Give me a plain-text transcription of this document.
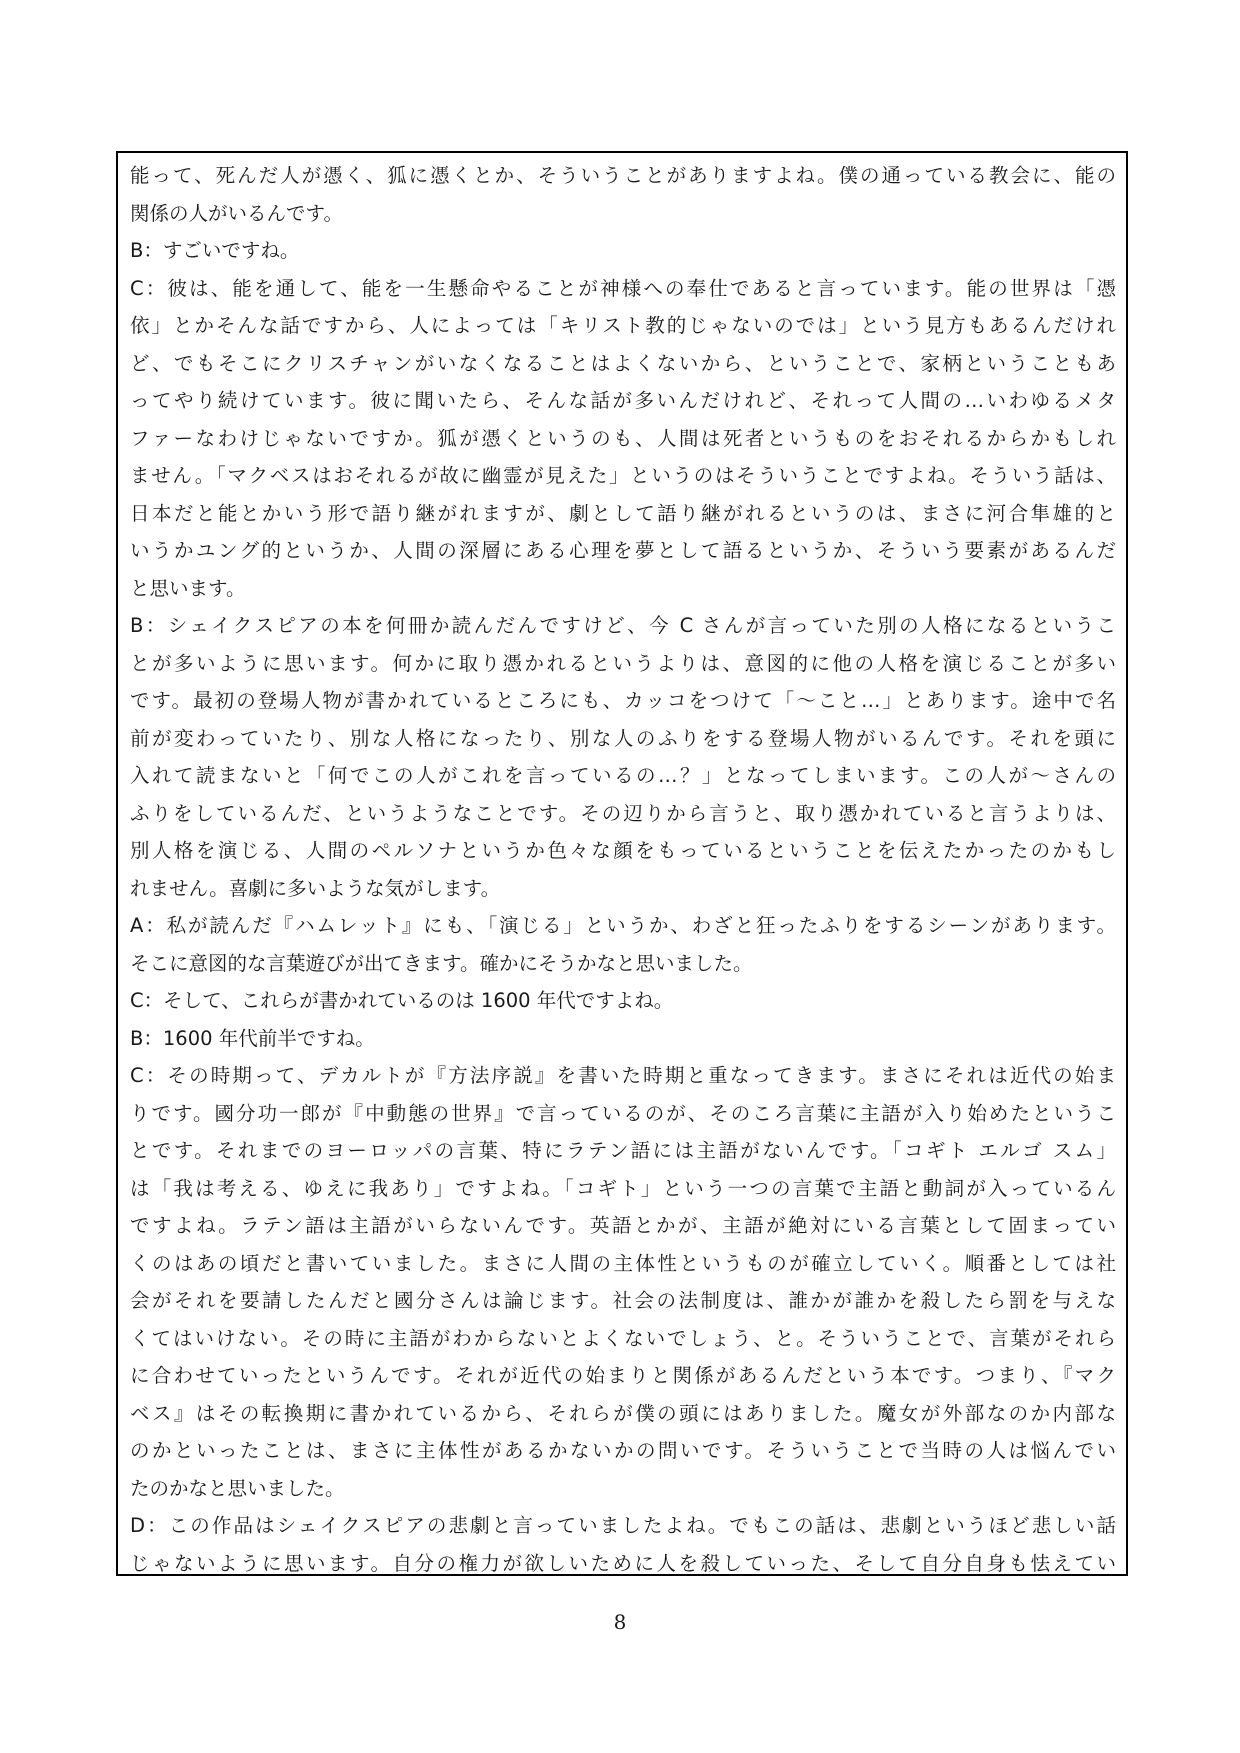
能って、死んだ人が憑く、狐に憑くとか、そういうことがありますよね。僕の通っている教会に、能の
関係の人がいるんです。
B：すごいですね。
C：彼は、能を通して、能を一生懸命やることが神様への奉仕であると言っています。能の世界は「憑
依」とかそんな話ですから、人によっては「キリスト教的じゃないのでは」という見方もあるんだけれ
ど、でもそこにクリスチャンがいなくなることはよくないから、ということで、家柄ということもあ
ってやり続けています。彼に聞いたら、そんな話が多いんだけれど、それって人間の…いわゆるメタ
ファーなわけじゃないですか。狐が憑くというのも、人間は死者というものをおそれるからかもしれ
ません。「マクベスはおそれるが故に幽霊が見えた」というのはそういうことですよね。そういう話は、
日本だと能とかいう形で語り継がれますが、劇として語り継がれるというのは、まさに河合隼雄的と
いうかユング的というか、人間の深層にある心理を夢として語るというか、そういう要素があるんだ
と思います。
B：シェイクスピアの本を何冊か読んだんですけど、今 C さんが言っていた別の人格になるというこ
とが多いように思います。何かに取り憑かれるというよりは、意図的に他の人格を演じることが多い
です。最初の登場人物が書かれているところにも、カッコをつけて「〜こと…」とあります。途中で名
前が変わっていたり、別な人格になったり、別な人のふりをする登場人物がいるんです。それを頭に
入れて読まないと「何でこの人がこれを言っているの…？」となってしまいます。この人が〜さんの
ふりをしているんだ、というようなことです。その辺りから言うと、取り憑かれていると言うよりは、
別人格を演じる、人間のペルソナというか色々な顔をもっているということを伝えたかったのかもし
れません。喜劇に多いような気がします。
A：私が読んだ『ハムレット』にも、「演じる」というか、わざと狂ったふりをするシーンがあります。
そこに意図的な言葉遊びが出てきます。確かにそうかなと思いました。
C：そして、これらが書かれているのは 1600 年代ですよね。
B：1600 年代前半ですね。
C：その時期って、デカルトが『方法序説』を書いた時期と重なってきます。まさにそれは近代の始ま
りです。國分功一郎が『中動態の世界』で言っているのが、そのころ言葉に主語が入り始めたというこ
とです。それまでのヨーロッパの言葉、特にラテン語には主語がないんです。「コギト エルゴ スム」
は「我は考える、ゆえに我あり」ですよね。「コギト」という一つの言葉で主語と動詞が入っているん
ですよね。ラテン語は主語がいらないんです。英語とかが、主語が絶対にいる言葉として固まってい
くのはあの頃だと書いていました。まさに人間の主体性というものが確立していく。順番としては社
会がそれを要請したんだと國分さんは論じます。社会の法制度は、誰かが誰かを殺したら罰を与えな
くてはいけない。その時に主語がわからないとよくないでしょう、と。そういうことで、言葉がそれら
に合わせていったというんです。それが近代の始まりと関係があるんだという本です。つまり、『マク
ベス』はその転換期に書かれているから、それらが僕の頭にはありました。魔女が外部なのか内部な
のかといったことは、まさに主体性があるかないかの問いです。そういうことで当時の人は悩んでい
たのかなと思いました。
D：この作品はシェイクスピアの悲劇と言っていましたよね。でもこの話は、悲劇というほど悲しい話
じゃないように思います。自分の権力が欲しいために人を殺していった、そして自分自身も怯えてい
8
